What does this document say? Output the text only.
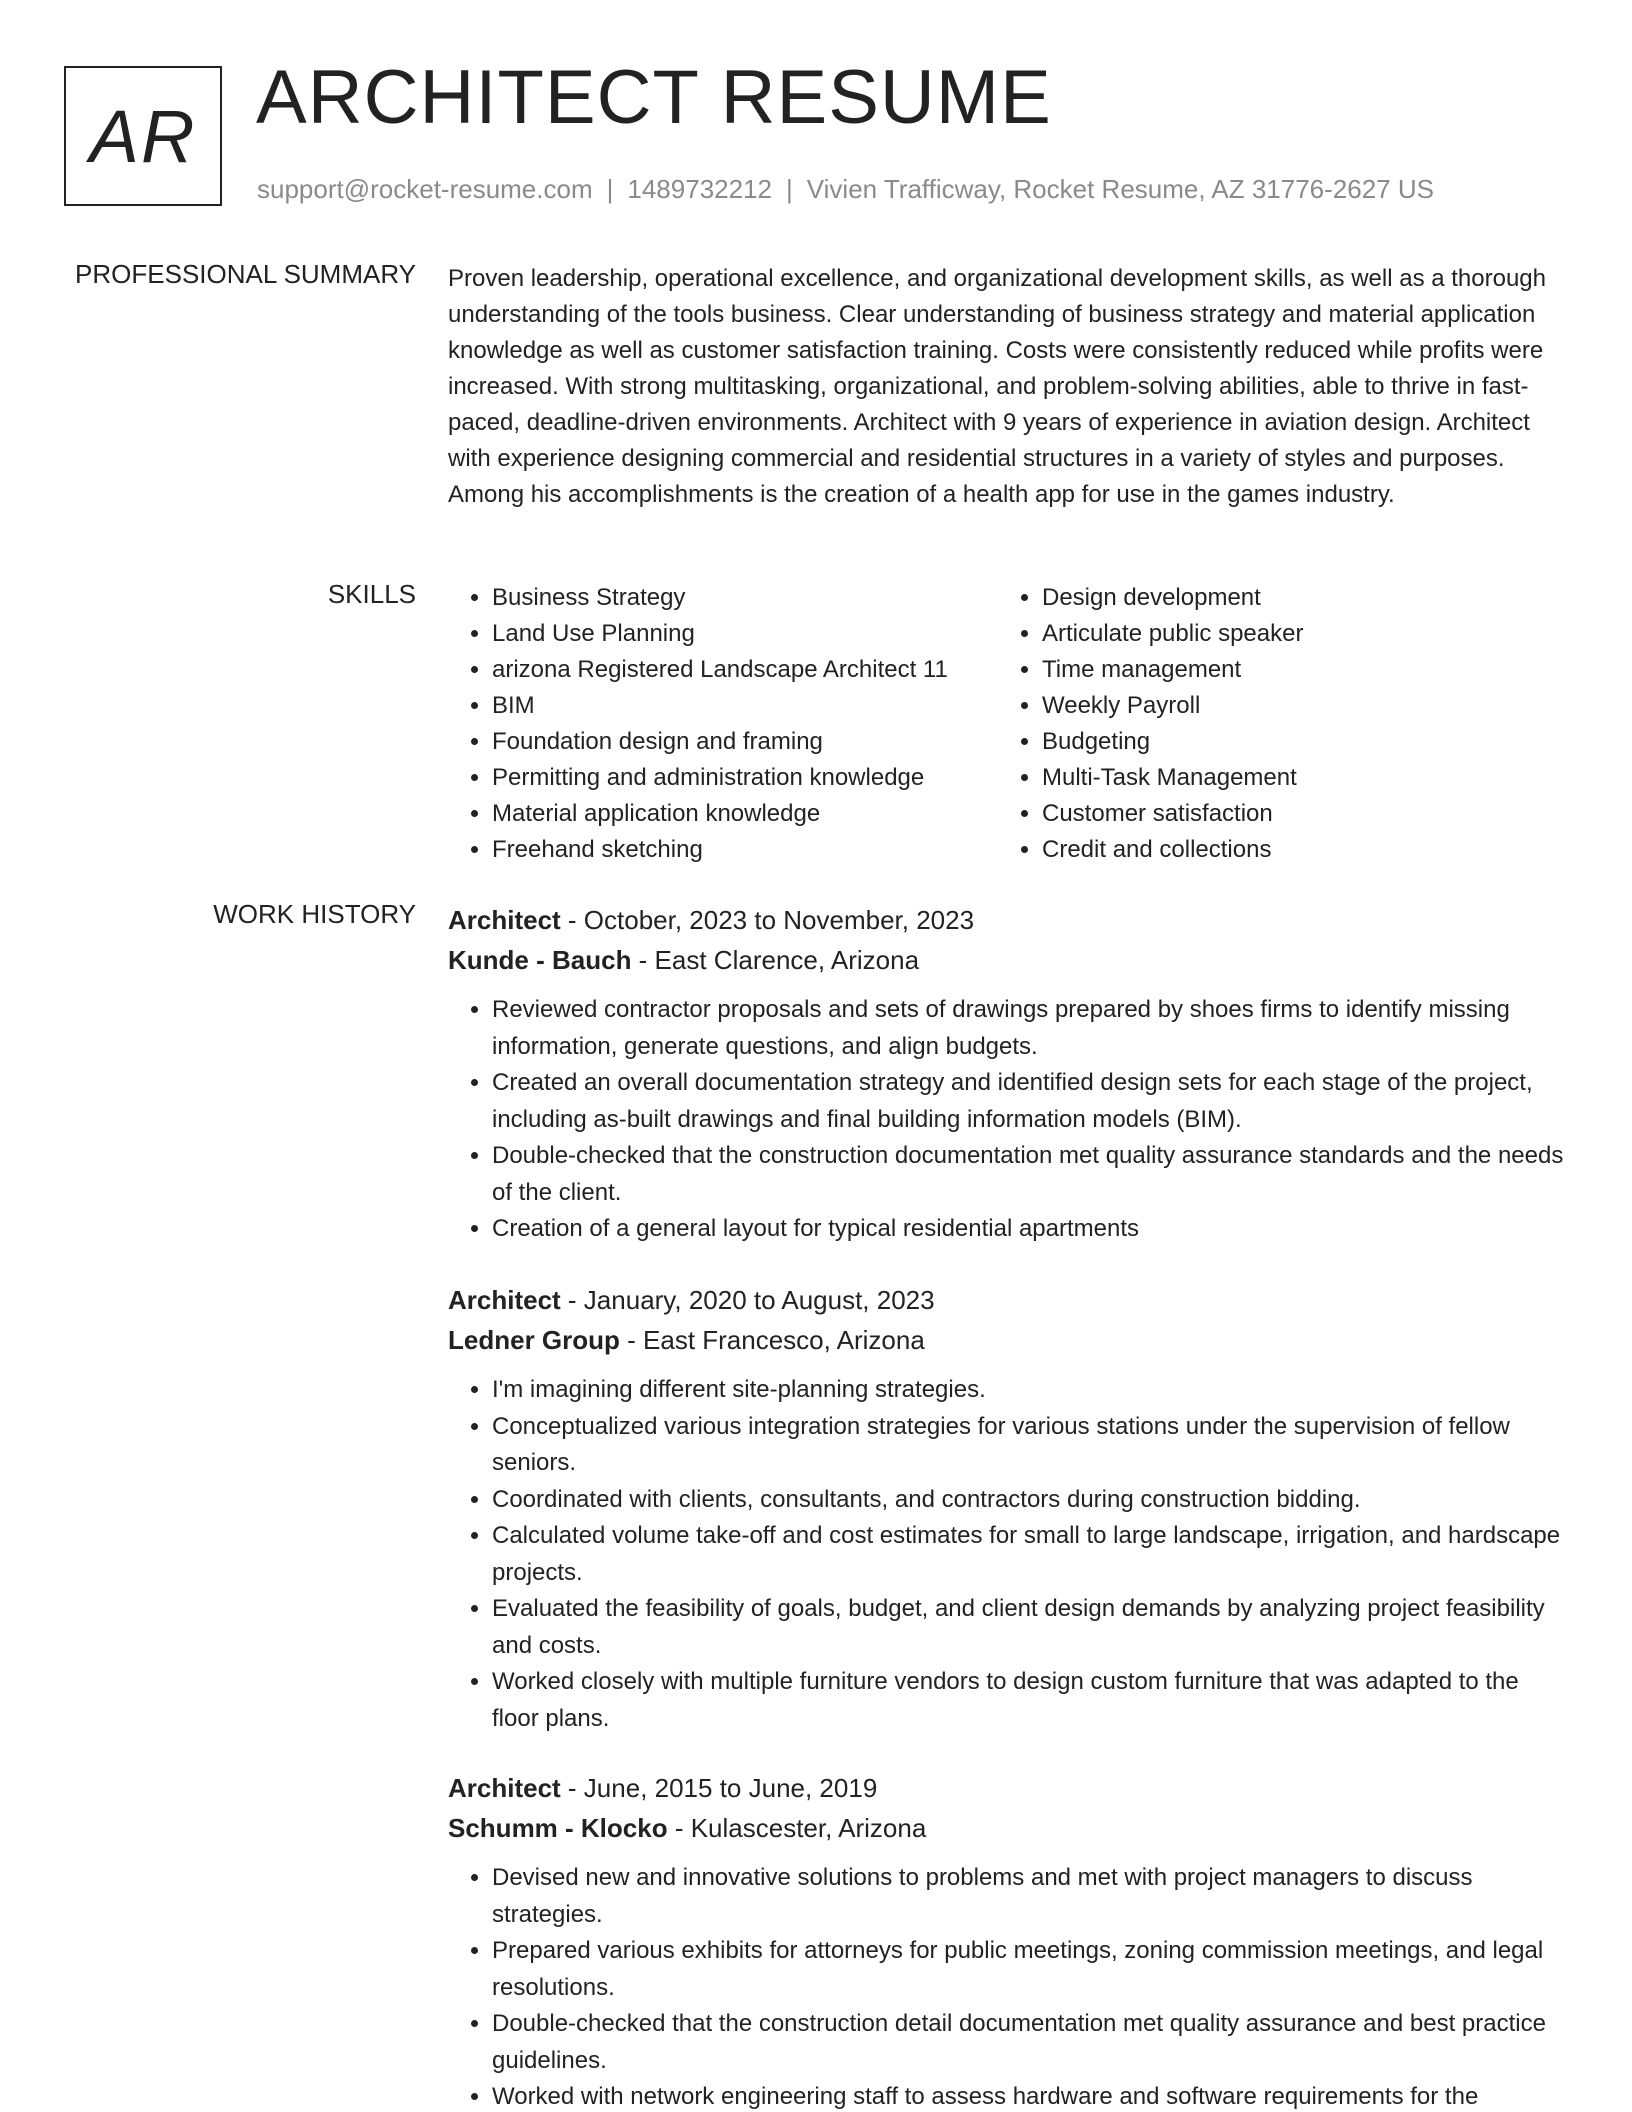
AR ARCHITECT RESUME
support@rocket-resume.com | 1489732212 | Vivien Trafficway, Rocket Resume, AZ 31776-2627 US
PROFESSIONAL SUMMARY Proven leadership, operational excellence, and organizational development skills, as well as a thorough understanding of the tools business. Clear understanding of business strategy and material application knowledge as well as customer satisfaction training. Costs were consistently reduced while profits were increased. With strong multitasking, organizational, and problem-solving abilities, able to thrive in fast-paced, deadline-driven environments. Architect with 9 years of experience in aviation design. Architect with experience designing commercial and residential structures in a variety of styles and purposes. Among his accomplishments is the creation of a health app for use in the games industry.
SKILLS
•	Business Strategy
• Land Use Planning
• arizona Registered Landscape Architect 11
• BIM
• Foundation design and framing
• Permitting and administration knowledge
• Material application knowledge
• Freehand sketching
• Design development
• Articulate public speaker
• Time management
• Weekly Payroll
• Budgeting
• Multi-Task Management
• Customer satisfaction
• Credit and collections
WORK HISTORY Architect - October, 2023 to November, 2023
Kunde - Bauch - East Clarence, Arizona
• Reviewed contractor proposals and sets of drawings prepared by shoes firms to identify missing information, generate questions, and align budgets.
• Created an overall documentation strategy and identified design sets for each stage of the project, including as-built drawings and final building information models (BIM).
• Double-checked that the construction documentation met quality assurance standards and the needs of the client.
• Creation of a general layout for typical residential apartments
Architect - January, 2020 to August, 2023
Ledner Group - East Francesco, Arizona
• I'm imagining different site-planning strategies.
• Conceptualized various integration strategies for various stations under the supervision of fellow seniors.
• Coordinated with clients, consultants, and contractors during construction bidding.
• Calculated volume take-off and cost estimates for small to large landscape, irrigation, and hardscape projects.
• Evaluated the feasibility of goals, budget, and client design demands by analyzing project feasibility and costs.
• Worked closely with multiple furniture vendors to design custom furniture that was adapted to the floor plans.
Architect - June, 2015 to June, 2019
Schumm - Klocko - Kulascester, Arizona
• Devised new and innovative solutions to problems and met with project managers to discuss strategies.
• Prepared various exhibits for attorneys for public meetings, zoning commission meetings, and legal resolutions.
• Double-checked that the construction detail documentation met quality assurance and best practice guidelines.
• Worked with network engineering staff to assess hardware and software requirements for the
